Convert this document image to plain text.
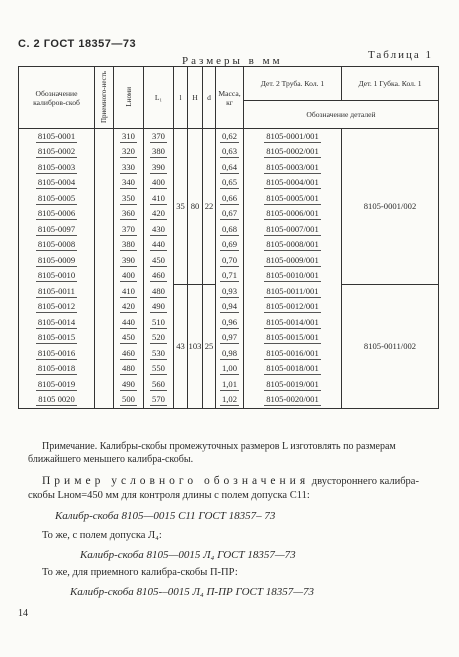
С. 2 ГОСТ 18357—73
Таблица 1
Размеры в мм
Обозначение калибров-скоб	Приемного-несть	Lноми	L₁	l	H	d	Масса, кг	Дет. 2 Труба. Кол. 1	Дет. 1 Губка. Кол. 1
								Обозначение деталей	
8105-0001		310	370	35	80	22	0,62	8105-0001/001	8105-0001/002
8105-0002		320	380				0,63	8105-0002/001	
8105-0003		330	390				0,64	8105-0003/001	
8105-0004		340	400				0,65	8105-0004/001	
8105-0005		350	410				0,66	8105-0005/001	
8105-0006		360	420				0,67	8105-0006/001	
8105-0097		370	430				0,68	8105-0007/001	
8105-0008		380	440				0,69	8105-0008/001	
8105-0009		390	450				0,70	8105-0009/001	
8105-0010		400	460				0,71	8105-0010/001	
8105-0011		410	480	43	103	25	0,93	8105-0011/001	8105-0011/002
8105-0012		420	490				0,94	8105-0012/001	
8105-0014		440	510				0,96	8105-0014/001	
8105-0015		450	520				0,97	8105-0015/001	
8105-0016		460	530				0,98	8105-0016/001	
8105-0018		480	550				1,00	8105-0018/001	
8105-0019		490	560				1,01	8105-0019/001	
8105 0020		500	570				1,02	8105-0020/001	
Примечание. Калибры-скобы промежуточных размеров L изготовлять по размерам ближайшего меньшего калибра-скобы.
Пример условного обозначения двустороннего калибра-скобы Lном=450 мм для контроля длины с полем допуска С11:
Калибр-скоба 8105—0015 С11 ГОСТ 18357– 73
То же, с полем допуска Л₄:
Калибр-скоба 8105—0015 Л₄ ГОСТ 18357—73
То же, для приемного калибра-скобы П-ПР:
Калибр-скоба 8105-–0015 Л₄ П-ПР ГОСТ 18357—73
14
